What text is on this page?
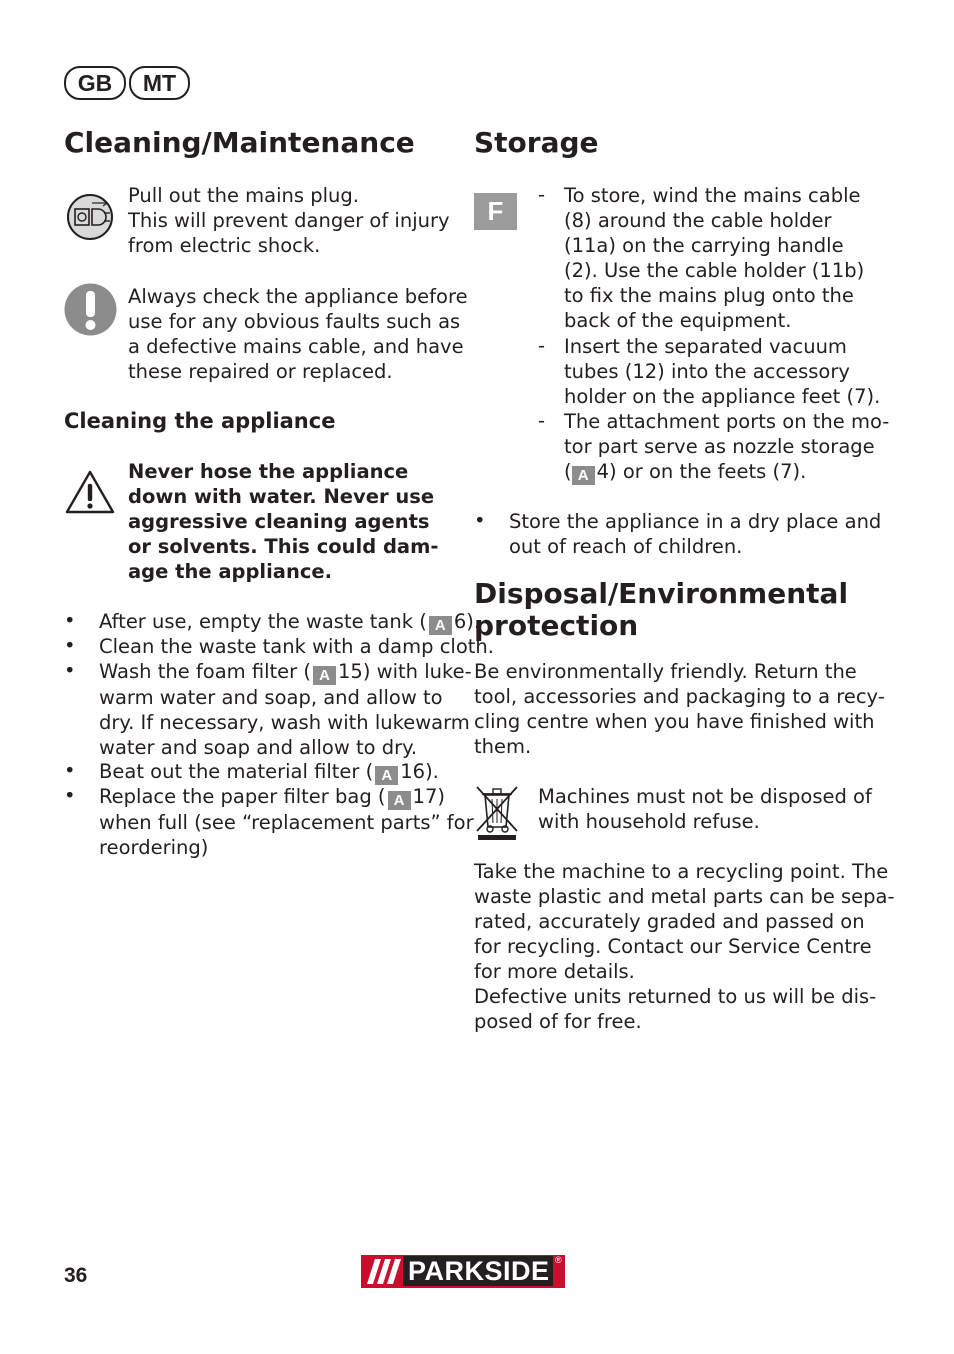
GB	MT
Cleaning/Maintenance
Pull out the mains plug.
This will prevent danger of injury
from electric shock.
Always check the appliance before
use for any obvious faults such as
a defective mains cable, and have
these repaired or replaced.
Cleaning the appliance
Never hose the appliance
down with water. Never use
aggressive cleaning agents
or solvents. This could dam-
age the appliance.
• After use, empty the waste tank ( A 6).
• Clean the waste tank with a damp cloth.
• Wash the foam filter ( A 15) with luke-
warm water and soap, and allow to
dry. If necessary, wash with lukewarm
water and soap and allow to dry.
• Beat out the material filter ( A 16).
• Replace the paper filter bag ( A 17)
when full (see “replacement parts” for
reordering)
Storage
F
- To store, wind the mains cable
(8) around the cable holder
(11a) on the carrying handle
(2). Use the cable holder (11b)
to fix the mains plug onto the
back of the equipment.
- Insert the separated vacuum
tubes (12) into the accessory
holder on the appliance feet (7).
- The attachment ports on the mo-
tor part serve as nozzle storage
( A 4) or on the feets (7).
• Store the appliance in a dry place and
out of reach of children.
Disposal/Environmental
protection
Be environmentally friendly. Return the
tool, accessories and packaging to a recy-
cling centre when you have finished with
them.
Machines must not be disposed of
with household refuse.
Take the machine to a recycling point. The
waste plastic and metal parts can be sepa-
rated, accurately graded and passed on
for recycling. Contact our Service Centre
for more details.
Defective units returned to us will be dis-
posed of for free.
36	PARKSIDE ®
